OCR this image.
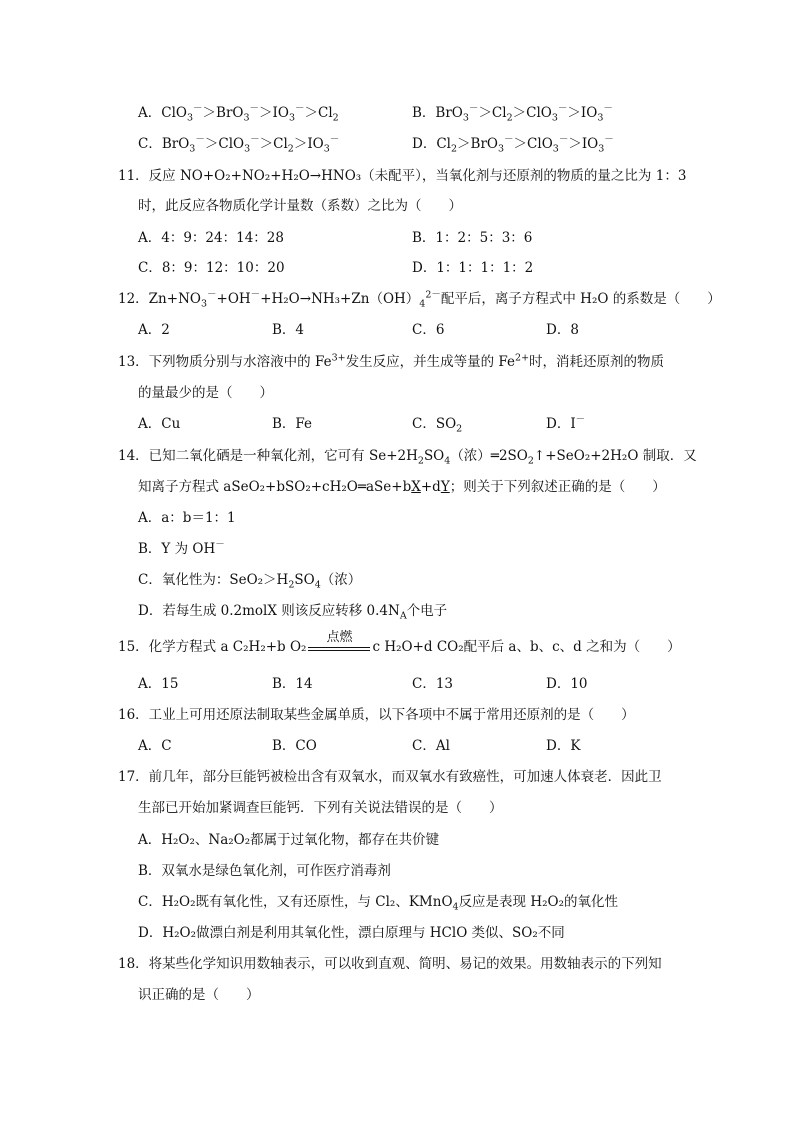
A．$ClO_3^->BrO_3^->IO_3^->Cl_2$	B．$BrO_3^->Cl_2>ClO_3^->IO_3^-$
C．$BrO_3^->ClO_3^->Cl_2>IO_3^-$	D．$Cl_2>BrO_3^->ClO_3^->IO_3^-$
11．反应 NO+O₂+NO₂+H₂O→HNO₃（未配平），当氧化剂与还原剂的物质的量之比为 1：3
时，此反应各物质化学计量数（系数）之比为（　　）
A．4：9：24：14：28	B．1：2：5：3：6
C．8：9：12：10：20	D．1：1：1：1：2
12．$Zn+NO_3^-+OH^-+H_2O\to NH_3+Zn(OH)_4^{2-}$配平后，离子方程式中 H₂O 的系数是（　　）
A．2	B．4	C．6	D．8
13．下列物质分别与水溶液中的 $Fe^{3+}$发生反应，并生成等量的 $Fe^{2+}$时，消耗还原剂的物质
的量最少的是（　　）
A．Cu	B．Fe	C．$SO_2$	D．I－
14．已知二氧化硒是一种氧化剂，它可有 $Se+2H_2SO_4$（浓）$═2SO_2↑+SeO_2+2H_2O$ 制取．又
知离子方程式 aSeO₂+bSO₂+cH₂O═aSe+bX+dY；则关于下列叙述正确的是（　　）
A．a：b＝1：1
B．Y 为 OH－
C．氧化性为：$SeO_2>H_2SO_4$（浓）
D．若每生成 0.2molX 则该反应转移 $0.4N_A$个电子
15．化学方程式 a C₂H₂+b O₂
点燃
c H₂O+d CO₂配平后 a、b、c、d 之和为（　　）
A．15	B．14	C．13	D．10
16．工业上可用还原法制取某些金属单质，以下各项中不属于常用还原剂的是（　　）
A．C	B．CO	C．Al	D．K
17．前几年，部分巨能钙被检出含有双氧水，而双氧水有致癌性，可加速人体衰老．因此卫
生部已开始加紧调查巨能钙．下列有关说法错误的是（　　）
A．H₂O₂、Na₂O₂都属于过氧化物，都存在共价键
B．双氧水是绿色氧化剂，可作医疗消毒剂
C．H₂O₂既有氧化性，又有还原性，与 Cl₂、KMnO$_4$反应是表现 H₂O₂的氧化性
D．H₂O₂做漂白剂是利用其氧化性，漂白原理与 HClO 类似、SO₂不同
18．将某些化学知识用数轴表示，可以收到直观、简明、易记的效果。用数轴表示的下列知
识正确的是（　　）
